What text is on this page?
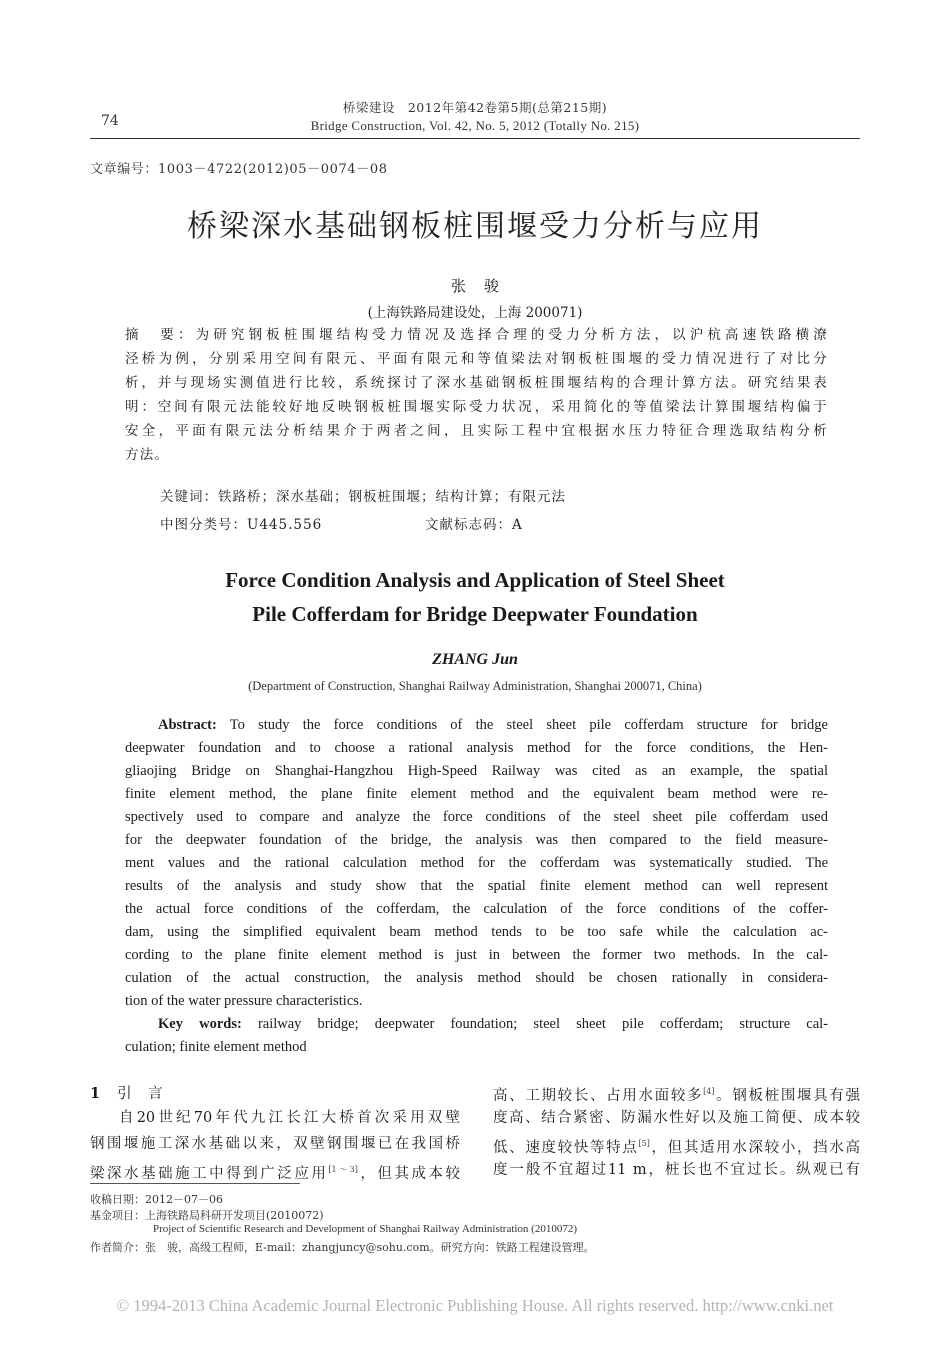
74
桥梁建设　2012年第42卷第5期(总第215期)
Bridge Construction, Vol. 42, No. 5, 2012 (Totally No. 215)
文章编号：1003－4722(2012)05－0074－08
桥梁深水基础钢板桩围堰受力分析与应用
张骏
(上海铁路局建设处，上海 200071)
摘　要：为研究钢板桩围堰结构受力情况及选择合理的受力分析方法，以沪杭高速铁路横潦
泾桥为例，分别采用空间有限元、平面有限元和等值梁法对钢板桩围堰的受力情况进行了对比分
析，并与现场实测值进行比较，系统探讨了深水基础钢板桩围堰结构的合理计算方法。研究结果表
明：空间有限元法能较好地反映钢板桩围堰实际受力状况，采用简化的等值梁法计算围堰结构偏于
安全，平面有限元法分析结果介于两者之间，且实际工程中宜根据水压力特征合理选取结构分析
方法。
关键词：铁路桥；深水基础；钢板桩围堰；结构计算；有限元法
中图分类号：U445.556	文献标志码：A
Force Condition Analysis and Application of Steel Sheet
Pile Cofferdam for Bridge Deepwater Foundation
ZHANG Jun
(Department of Construction, Shanghai Railway Administration, Shanghai 200071, China)
Abstract: To study the force conditions of the steel sheet pile cofferdam structure for bridge
deepwater foundation and to choose a rational analysis method for the force conditions, the Hen-
gliaojing Bridge on Shanghai-Hangzhou High-Speed Railway was cited as an example, the spatial
finite element method, the plane finite element method and the equivalent beam method were re-
spectively used to compare and analyze the force conditions of the steel sheet pile cofferdam used
for the deepwater foundation of the bridge, the analysis was then compared to the field measure-
ment values and the rational calculation method for the cofferdam was systematically studied. The
results of the analysis and study show that the spatial finite element method can well represent
the actual force conditions of the cofferdam, the calculation of the force conditions of the coffer-
dam, using the simplified equivalent beam method tends to be too safe while the calculation ac-
cording to the plane finite element method is just in between the former two methods. In the cal-
culation of the actual construction, the analysis method should be chosen rationally in considera-
tion of the water pressure characteristics.
Key words: railway bridge; deepwater foundation; steel sheet pile cofferdam; structure cal-
culation; finite element method
1 引　言
自20世纪70年代九江长江大桥首次采用双壁
钢围堰施工深水基础以来，双壁钢围堰已在我国桥
梁深水基础施工中得到广泛应用[1～3]，但其成本较
高、工期较长、占用水面较多[4]。钢板桩围堰具有强
度高、结合紧密、防漏水性好以及施工简便、成本较
低、速度较快等特点[5]，但其适用水深较小，挡水高
度一般不宜超过11 m，桩长也不宜过长。纵观已有
收稿日期：2012－07－06
基金项目：上海铁路局科研开发项目(2010072)
Project of Scientific Research and Development of Shanghai Railway Administration (2010072)
作者简介：张　骏，高级工程师，E-mail：zhangjuncy@sohu.com。研究方向：铁路工程建设管理。
© 1994-2013 China Academic Journal Electronic Publishing House. All rights reserved. http://www.cnki.net
